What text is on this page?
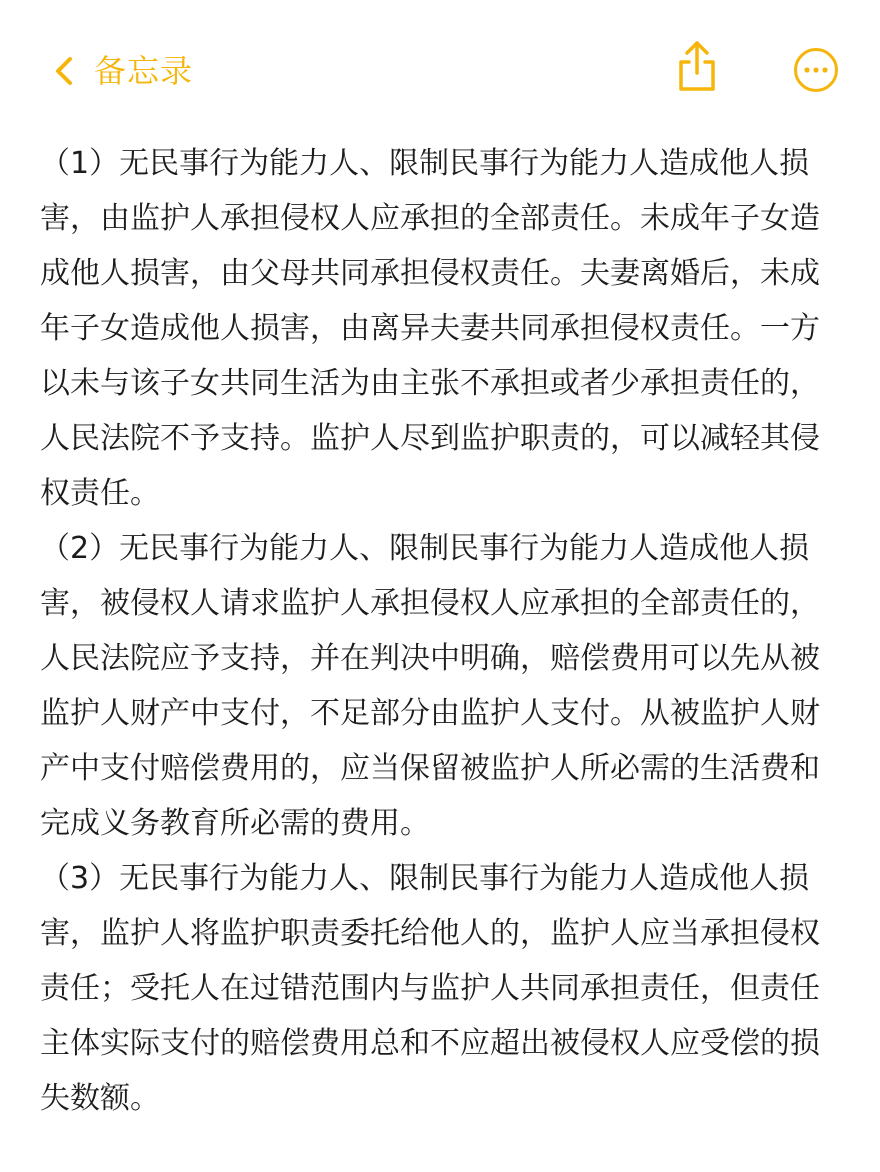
备忘录

（1）无民事行为能力人、限制民事行为能力人造成他人损害，由监护人承担侵权人应承担的全部责任。未成年子女造成他人损害，由父母共同承担侵权责任。夫妻离婚后，未成年子女造成他人损害，由离异夫妻共同承担侵权责任。一方以未与该子女共同生活为由主张不承担或者少承担责任的，人民法院不予支持。监护人尽到监护职责的，可以减轻其侵权责任。

（2）无民事行为能力人、限制民事行为能力人造成他人损害，被侵权人请求监护人承担侵权人应承担的全部责任的，人民法院应予支持，并在判决中明确，赔偿费用可以先从被监护人财产中支付，不足部分由监护人支付。从被监护人财产中支付赔偿费用的，应当保留被监护人所必需的生活费和完成义务教育所必需的费用。

（3）无民事行为能力人、限制民事行为能力人造成他人损害，监护人将监护职责委托给他人的，监护人应当承担侵权责任；受托人在过错范围内与监护人共同承担责任，但责任主体实际支付的赔偿费用总和不应超出被侵权人应受偿的损失数额。
